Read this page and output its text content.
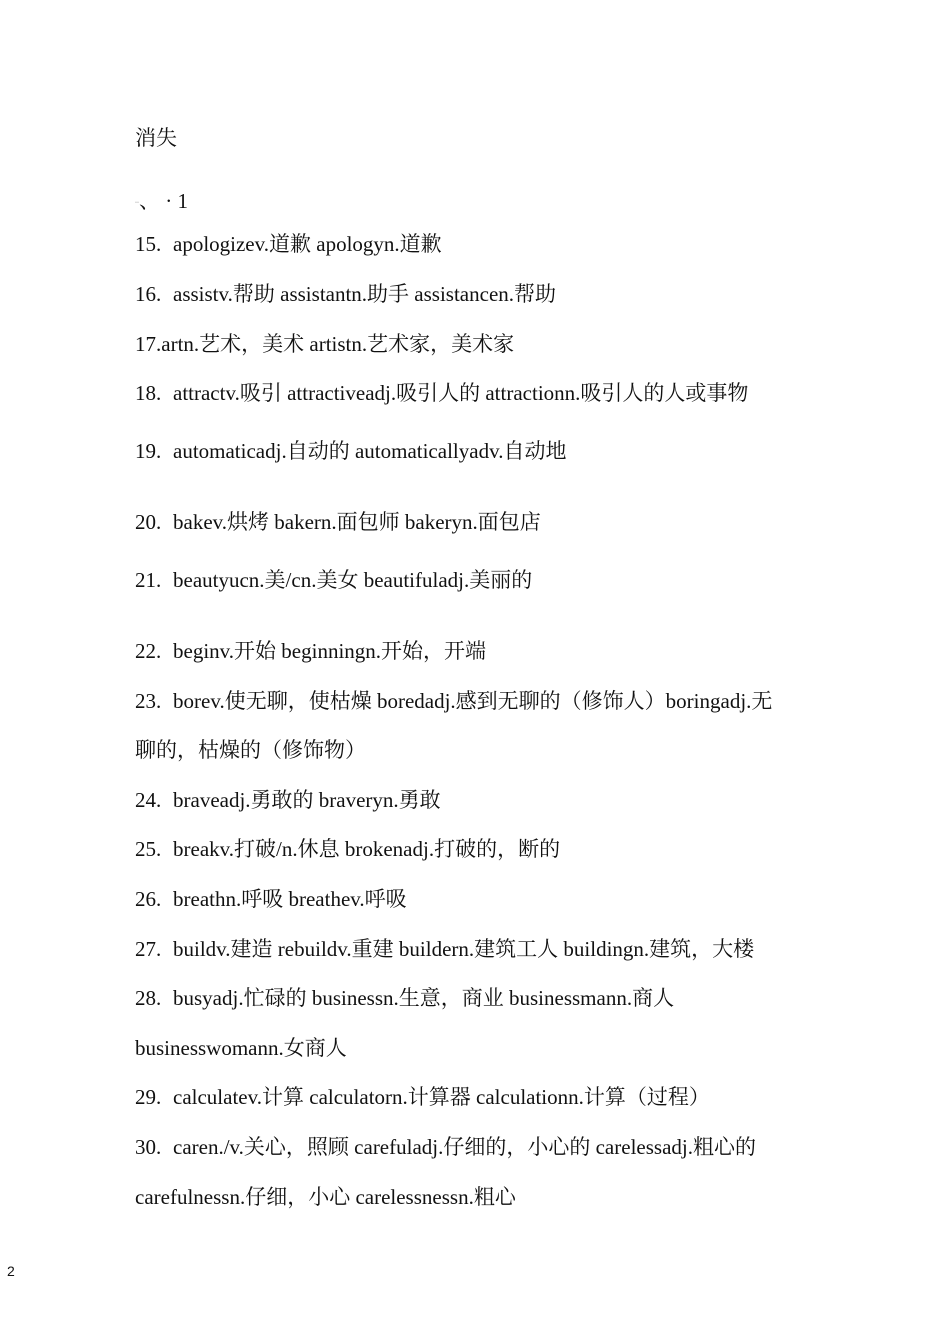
消失
··、 · 1
15. apologizev.道歉 apologyn.道歉
16. assistv.帮助 assistantn.助手 assistancen.帮助
17.artn.艺术，美术 artistn.艺术家，美术家
18. attractv.吸引 attractiveadj.吸引人的 attractionn.吸引人的人或事物
19. automaticadj.自动的 automaticallyadv.自动地
20. bakev.烘烤 bakern.面包师 bakeryn.面包店
21. beautyucn.美/cn.美女 beautifuladj.美丽的
22. beginv.开始 beginningn.开始，开端
23. borev.使无聊，使枯燥 boredadj.感到无聊的（修饰人）boringadj.无
聊的，枯燥的（修饰物）
24. braveadj.勇敢的 braveryn.勇敢
25. breakv.打破/n.休息 brokenadj.打破的，断的
26. breathn.呼吸 breathev.呼吸
27. buildv.建造 rebuildv.重建 buildern.建筑工人 buildingn.建筑，大楼
28. busyadj.忙碌的 businessn.生意，商业 businessmann.商人
businesswomann.女商人
29. calculatev.计算 calculatorn.计算器 calculationn.计算（过程）
30. caren./v.关心，照顾 carefuladj.仔细的，小心的 carelessadj.粗心的
carefulnessn.仔细，小心 carelessnessn.粗心
2
